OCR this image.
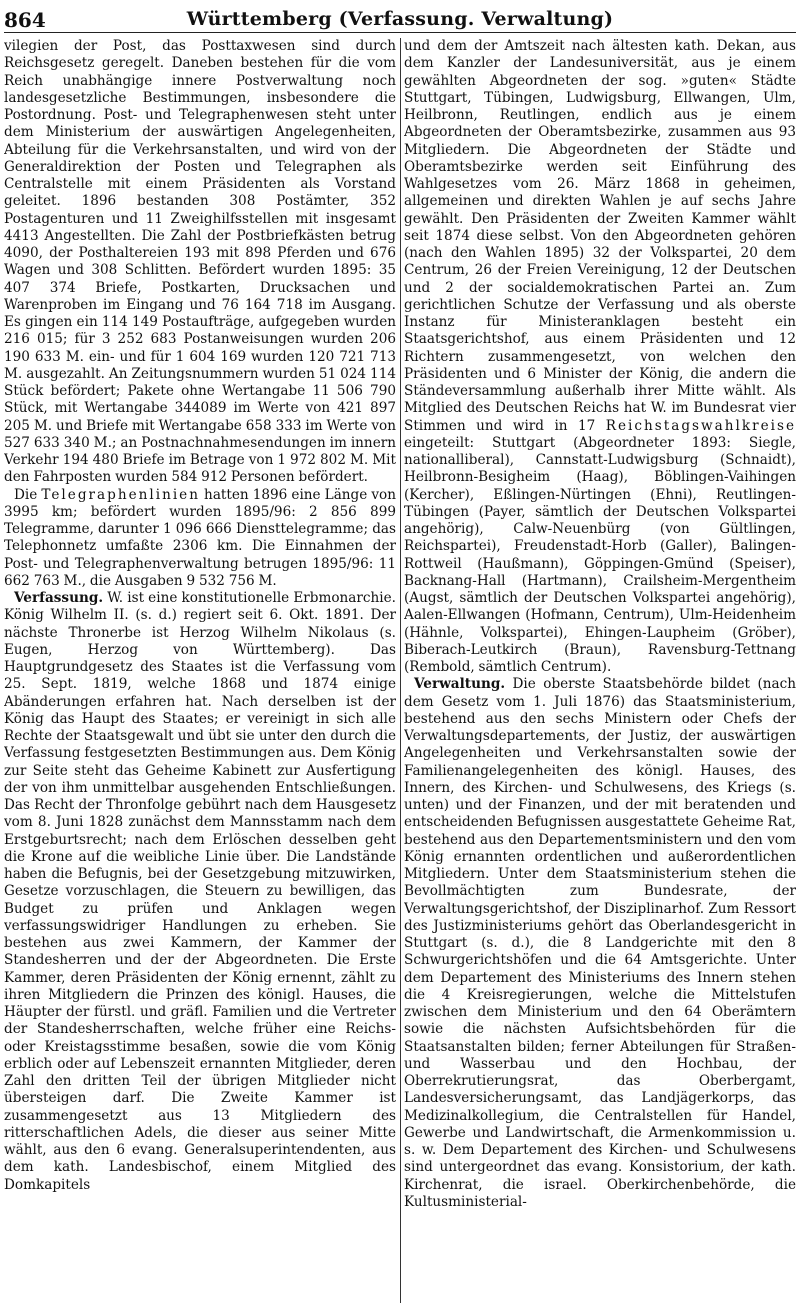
864	Württemberg (Verfassung. Verwaltung)

vilegien der Post, das Posttaxwesen sind durch Reichsgesetz geregelt. Daneben bestehen für die vom Reich unabhängige innere Postverwaltung noch landesgesetzliche Bestimmungen, insbesondere die Postordnung. Post- und Telegraphenwesen steht unter dem Ministerium der auswärtigen Angelegenheiten, Abteilung für die Verkehrsanstalten, und wird von der Generaldirektion der Posten und Telegraphen als Centralstelle mit einem Präsidenten als Vorstand geleitet. 1896 bestanden 308 Postämter, 352 Postagenturen und 11 Zweighilfsstellen mit insgesamt 4413 Angestellten. Die Zahl der Postbriefkästen betrug 4090, der Posthaltereien 193 mit 898 Pferden und 676 Wagen und 308 Schlitten. Befördert wurden 1895: 35 407 374 Briefe, Postkarten, Drucksachen und Warenproben im Eingang und 76 164 718 im Ausgang. Es gingen ein 114 149 Postaufträge, aufgegeben wurden 216 015; für 3 252 683 Postanweisungen wurden 206 190 633 M. ein- und für 1 604 169 wurden 120 721 713 M. ausgezahlt. An Zeitungsnummern wurden 51 024 114 Stück befördert; Pakete ohne Wertangabe 11 506 790 Stück, mit Wertangabe 344089 im Werte von 421 897 205 M. und Briefe mit Wertangabe 658 333 im Werte von 527 633 340 M.; an Postnachnahmesendungen im innern Verkehr 194 480 Briefe im Betrage von 1 972 802 M. Mit den Fahrposten wurden 584 912 Personen befördert.

Die Telegraphenlinien hatten 1896 eine Länge von 3995 km; befördert wurden 1895/96: 2 856 899 Telegramme, darunter 1 096 666 Diensttelegramme; das Telephonnetz umfaßte 2306 km. Die Einnahmen der Post- und Telegraphenverwaltung betrugen 1895/96: 11 662 763 M., die Ausgaben 9 532 756 M.

Verfassung. W. ist eine konstitutionelle Erbmonarchie. König Wilhelm II. (s. d.) regiert seit 6. Okt. 1891. Der nächste Thronerbe ist Herzog Wilhelm Nikolaus (s. Eugen, Herzog von Württemberg). Das Hauptgrundgesetz des Staates ist die Verfassung vom 25. Sept. 1819, welche 1868 und 1874 einige Abänderungen erfahren hat. Nach derselben ist der König das Haupt des Staates; er vereinigt in sich alle Rechte der Staatsgewalt und übt sie unter den durch die Verfassung festgesetzten Bestimmungen aus. Dem König zur Seite steht das Geheime Kabinett zur Ausfertigung der von ihm unmittelbar ausgehenden Entschließungen. Das Recht der Thronfolge gebührt nach dem Hausgesetz vom 8. Juni 1828 zunächst dem Mannsstamm nach dem Erstgeburtsrecht; nach dem Erlöschen desselben geht die Krone auf die weibliche Linie über. Die Landstände haben die Befugnis, bei der Gesetzgebung mitzuwirken, Gesetze vorzuschlagen, die Steuern zu bewilligen, das Budget zu prüfen und Anklagen wegen verfassungswidriger Handlungen zu erheben. Sie bestehen aus zwei Kammern, der Kammer der Standesherren und der der Abgeordneten. Die Erste Kammer, deren Präsidenten der König ernennt, zählt zu ihren Mitgliedern die Prinzen des königl. Hauses, die Häupter der fürstl. und gräfl. Familien und die Vertreter der Standesherrschaften, welche früher eine Reichs- oder Kreistagsstimme besaßen, sowie die vom König erblich oder auf Lebenszeit ernannten Mitglieder, deren Zahl den dritten Teil der übrigen Mitglieder nicht übersteigen darf. Die Zweite Kammer ist zusammengesetzt aus 13 Mitgliedern des ritterschaftlichen Adels, die dieser aus seiner Mitte wählt, aus den 6 evang. Generalsuperintendenten, aus dem kath. Landesbischof, einem Mitglied des Domkapitels

und dem der Amtszeit nach ältesten kath. Dekan, aus dem Kanzler der Landesuniversität, aus je einem gewählten Abgeordneten der sog. »guten« Städte Stuttgart, Tübingen, Ludwigsburg, Ellwangen, Ulm, Heilbronn, Reutlingen, endlich aus je einem Abgeordneten der Oberamtsbezirke, zusammen aus 93 Mitgliedern. Die Abgeordneten der Städte und Oberamtsbezirke werden seit Einführung des Wahlgesetzes vom 26. März 1868 in geheimen, allgemeinen und direkten Wahlen je auf sechs Jahre gewählt. Den Präsidenten der Zweiten Kammer wählt seit 1874 diese selbst. Von den Abgeordneten gehören (nach den Wahlen 1895) 32 der Volkspartei, 20 dem Centrum, 26 der Freien Vereinigung, 12 der Deutschen und 2 der socialdemokratischen Partei an. Zum gerichtlichen Schutze der Verfassung und als oberste Instanz für Ministeranklagen besteht ein Staatsgerichtshof, aus einem Präsidenten und 12 Richtern zusammengesetzt, von welchen den Präsidenten und 6 Minister der König, die andern die Ständeversammlung außerhalb ihrer Mitte wählt. Als Mitglied des Deutschen Reichs hat W. im Bundesrat vier Stimmen und wird in 17 Reichstagswahlkreise eingeteilt: Stuttgart (Abgeordneter 1893: Siegle, nationalliberal), Cannstatt-Ludwigsburg (Schnaidt), Heilbronn-Besigheim (Haag), Böblingen-Vaihingen (Kercher), Eßlingen-Nürtingen (Ehni), Reutlingen-Tübingen (Payer, sämtlich der Deutschen Volkspartei angehörig), Calw-Neuenbürg (von Gültlingen, Reichspartei), Freudenstadt-Horb (Galler), Balingen-Rottweil (Haußmann), Göppingen-Gmünd (Speiser), Backnang-Hall (Hartmann), Crailsheim-Mergentheim (Augst, sämtlich der Deutschen Volkspartei angehörig), Aalen-Ellwangen (Hofmann, Centrum), Ulm-Heidenheim (Hähnle, Volkspartei), Ehingen-Laupheim (Gröber), Biberach-Leutkirch (Braun), Ravensburg-Tettnang (Rembold, sämtlich Centrum).

Verwaltung. Die oberste Staatsbehörde bildet (nach dem Gesetz vom 1. Juli 1876) das Staatsministerium, bestehend aus den sechs Ministern oder Chefs der Verwaltungsdepartements, der Justiz, der auswärtigen Angelegenheiten und Verkehrsanstalten sowie der Familienangelegenheiten des königl. Hauses, des Innern, des Kirchen- und Schulwesens, des Kriegs (s. unten) und der Finanzen, und der mit beratenden und entscheidenden Befugnissen ausgestattete Geheime Rat, bestehend aus den Departementsministern und den vom König ernannten ordentlichen und außerordentlichen Mitgliedern. Unter dem Staatsministerium stehen die Bevollmächtigten zum Bundesrate, der Verwaltungsgerichtshof, der Disziplinarhof. Zum Ressort des Justizministeriums gehört das Oberlandesgericht in Stuttgart (s. d.), die 8 Landgerichte mit den 8 Schwurgerichtshöfen und die 64 Amtsgerichte. Unter dem Departement des Ministeriums des Innern stehen die 4 Kreisregierungen, welche die Mittelstufen zwischen dem Ministerium und den 64 Oberämtern sowie die nächsten Aufsichtsbehörden für die Staatsanstalten bilden; ferner Abteilungen für Straßen- und Wasserbau und den Hochbau, der Oberrekrutierungsrat, das Oberbergamt, Landesversicherungsamt, das Landjägerkorps, das Medizinalkollegium, die Centralstellen für Handel, Gewerbe und Landwirtschaft, die Armenkommission u. s. w. Dem Departement des Kirchen- und Schulwesens sind untergeordnet das evang. Konsistorium, der kath. Kirchenrat, die israel. Oberkirchenbehörde, die Kultusministerial-
